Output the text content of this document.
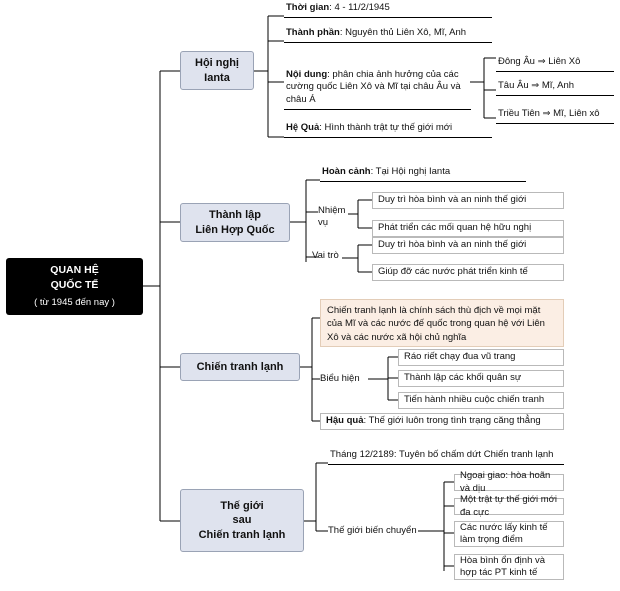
QUAN HỆ
QUỐC TẾ
( từ 1945 đến nay )
Hội nghị
Ianta
Thời gian: 4 - 11/2/1945
Thành phần: Nguyên thủ Liên Xô, Mĩ, Anh
Nội dung: phân chia ảnh hưởng của các cường quốc Liên Xô và Mĩ tại châu Âu và châu Á
Hệ Quả: Hình thành trật tự thế giới mới
Đông Âu ⇒ Liên Xô
Tâu Âu ⇒ Mĩ, Anh
Triều Tiên ⇒ Mĩ, Liên xô
Thành lập
Liên Hợp Quốc
Hoàn cảnh: Tại Hội nghị Ianta
Nhiệm vụ
Duy trì hòa bình và an ninh thế giới
Phát triển các mối quan hệ hữu nghị
Vai trò
Duy trì hòa bình và an ninh thế giới
Giúp đỡ các nước phát triển kinh tế
Chiến tranh lạnh
Chiến tranh lạnh là chính sách thù địch về mọi mặt của Mĩ và các nước đế quốc trong quan hệ với Liên Xô và các nước xã hội chủ nghĩa
Biểu hiện
Ráo riết chạy đua vũ trang
Thành lập các khối quân sự
Tiến hành nhiều cuộc chiến tranh
Hậu quả: Thế giới luôn trong tình trạng căng thẳng
Thế giới
sau
Chiến tranh lạnh
Tháng 12/2189: Tuyên bố chấm dứt Chiến tranh lạnh
Thế giới biến chuyển
Ngoại giao: hòa hoãn và dịu
Một trật tự thế giới mới đa cực
Các nước lấy kinh tế làm trọng điểm
Hòa bình ổn định và hợp tác PT kinh tế
